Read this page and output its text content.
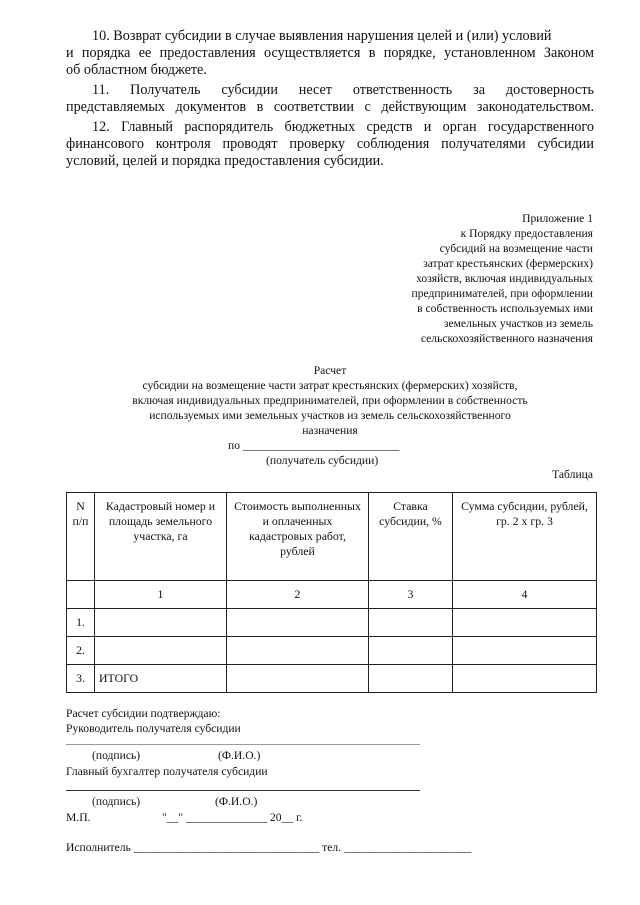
10. Возврат субсидии в случае выявления нарушения целей и (или) условий
и порядка ее предоставления осуществляется в порядке, установленном Законом
об областном бюджете.
11. Получатель субсидии несет ответственность за достоверность
представляемых документов в соответствии с действующим законодательством.
12. Главный распорядитель бюджетных средств и орган государственного
финансового контроля проводят проверку соблюдения получателями субсидии
условий, целей и порядка предоставления субсидии.
Приложение 1
к Порядку предоставления
субсидий на возмещение части
затрат крестьянских (фермерских)
хозяйств, включая индивидуальных
предпринимателей, при оформлении
в собственность используемых ими
земельных участков из земель
сельскохозяйственного назначения
Расчет
субсидии на возмещение части затрат крестьянских (фермерских) хозяйств,
включая индивидуальных предпринимателей, при оформлении в собственность
используемых ими земельных участков из земель сельскохозяйственного
назначения
по ___________________________
(получатель субсидии)
Таблица
N п/п	Кадастровый номер и площадь земельного участка, га	Стоимость выполненных и оплаченных кадастровых работ, рублей	Ставка субсидии, %	Сумма субсидии, рублей, гр. 2 x гр. 3
	1	2	3	4
1.				
2.				
3.	ИТОГО			
Расчет субсидии подтверждаю:
Руководитель получателя субсидии
(подпись)	(Ф.И.О.)
Главный бухгалтер получателя субсидии
(подпись)	(Ф.И.О.)
М.П.	"__" ______________ 20__ г.
Исполнитель ________________________________ тел. ______________________
